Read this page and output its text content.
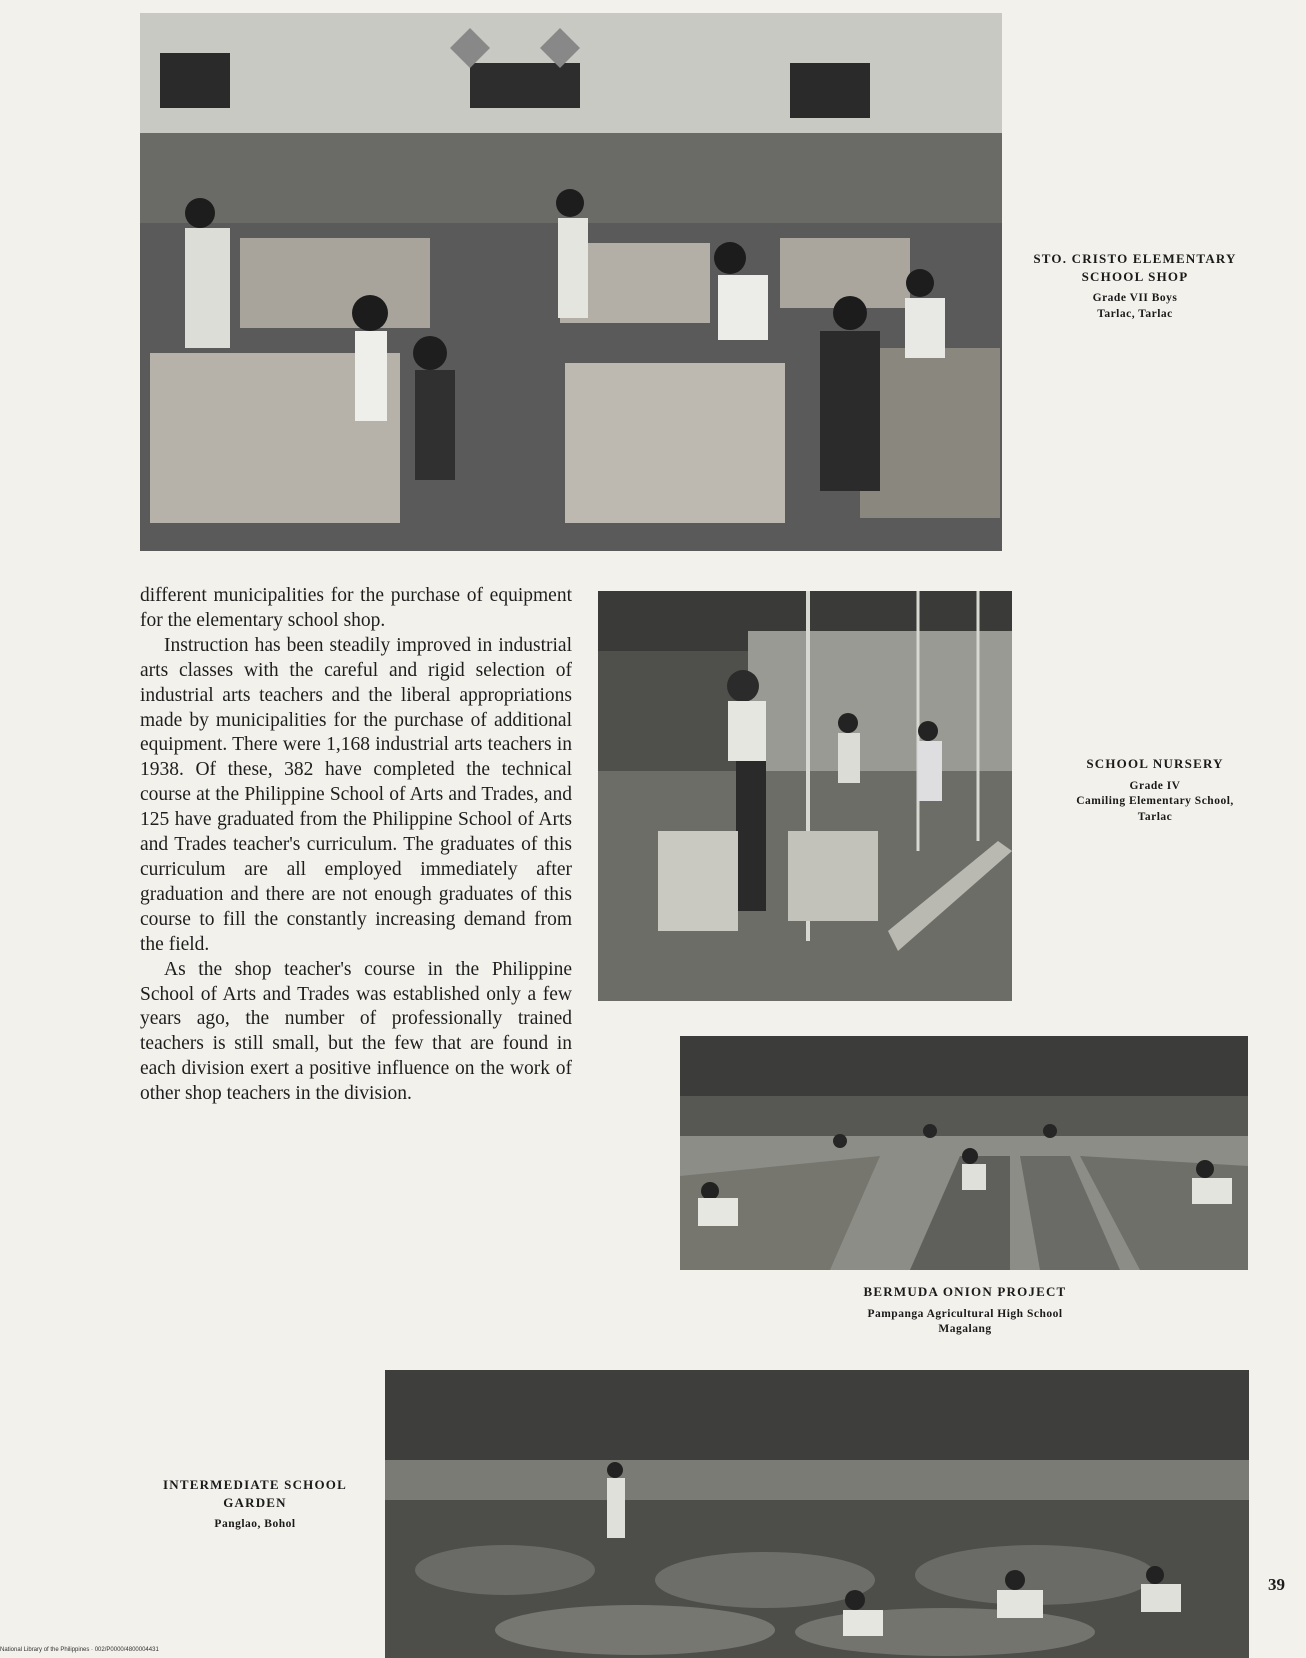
STO. CRISTO ELEMENTARY
SCHOOL SHOP
Grade VII Boys
Tarlac, Tarlac

different municipalities for the purchase of equipment for the elementary school shop.

Instruction has been steadily improved in industrial arts classes with the careful and rigid selection of industrial arts teachers and the liberal appropriations made by municipalities for the purchase of additional equipment. There were 1,168 industrial arts teachers in 1938. Of these, 382 have completed the technical course at the Philippine School of Arts and Trades, and 125 have graduated from the Philippine School of Arts and Trades teacher's curriculum. The graduates of this curriculum are all employed immediately after graduation and there are not enough graduates of this course to fill the constantly increasing demand from the field.

As the shop teacher's course in the Philippine School of Arts and Trades was established only a few years ago, the number of professionally trained teachers is still small, but the few that are found in each division exert a positive influence on the work of other shop teachers in the division.

SCHOOL NURSERY
Grade IV
Camiling Elementary School,
Tarlac
BERMUDA ONION PROJECT
Pampanga Agricultural High School
Magalang
INTERMEDIATE SCHOOL
GARDEN
Panglao, Bohol
39
National Library of the Philippines · 002/P0000/4800004431
